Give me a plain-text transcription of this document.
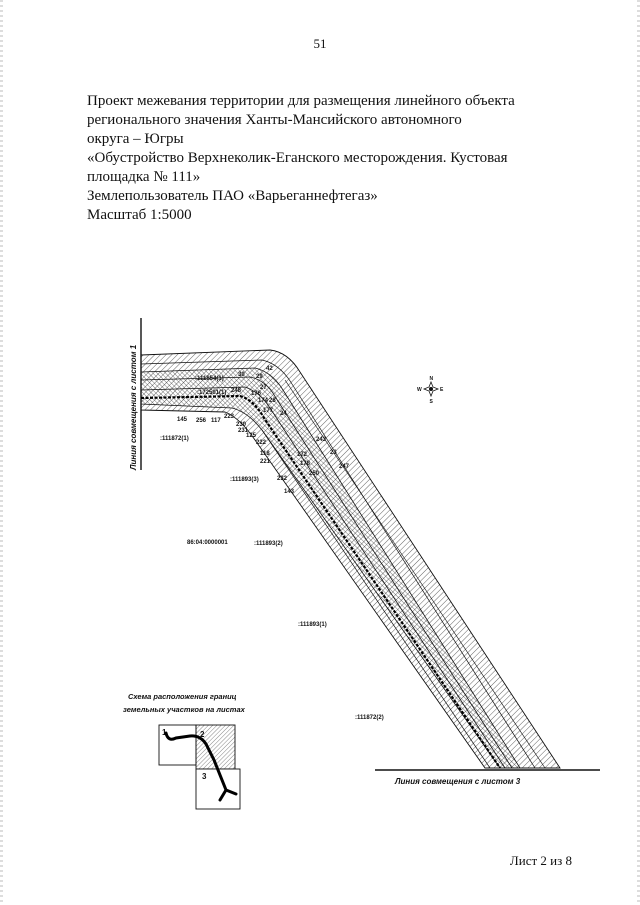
51
Проект межевания территории для размещения линейного объекта
регионального значения Ханты-Мансийского автономного
округа – Югры
«Обустройство Верхнеколик-Еганского месторождения. Кустовая
площадка № 111»
Землепользователь ПАО «Варьеганнефтегаз»
Масштаб 1:5000
Линия совмещения с листом 1
Линия совмещения с листом 3
N
S
W	E
42
30 29
27
176
28
174
177
248
223
230
231
125
222
118
221
172
178
250
232
143
23
243
247
145 256 117
24
:111854(1)
:172501(1)
:111872(1)
:111893(3)
:111893(2)
:111893(1)
:111872(2)
86:04:0000001
Схема расположения границ
земельных участков на листах
1	2
3
Лист 2 из 8
